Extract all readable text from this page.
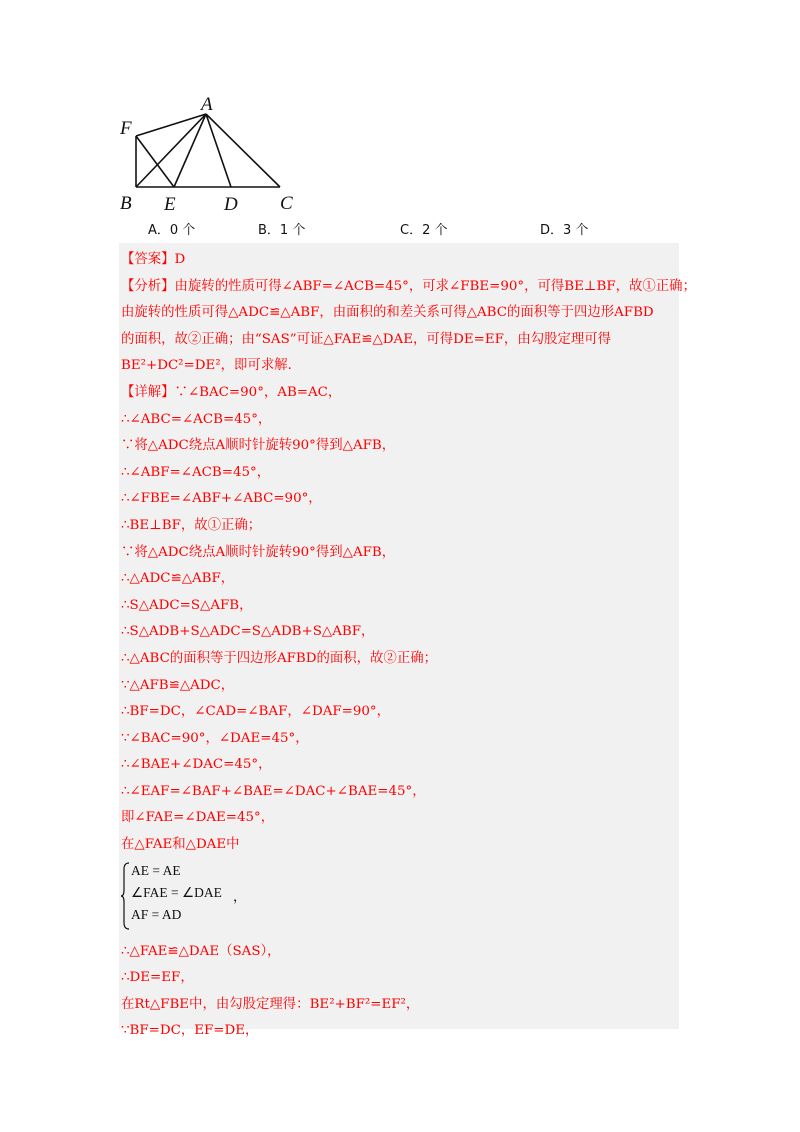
A
F
B E	D C
A．0 个	B．1 个	C．2 个	D．3 个
【答案】D
【分析】由旋转的性质可得∠ABF=∠ACB=45°，可求∠FBE=90°，可得BE⊥BF，故①正确；
由旋转的性质可得△ADC≌△ABF，由面积的和差关系可得△ABC的面积等于四边形AFBD
的面积，故②正确；由“SAS”可证△FAE≌△DAE，可得DE=EF，由勾股定理可得
BE²+DC²=DE²，即可求解．
【详解】∵∠BAC=90°，AB=AC，
∴∠ABC=∠ACB=45°，
∵将△ADC绕点A顺时针旋转90°得到△AFB，
∴∠ABF=∠ACB=45°，
∴∠FBE=∠ABF+∠ABC=90°，
∴BE⊥BF，故①正确；
∵将△ADC绕点A顺时针旋转90°得到△AFB，
∴△ADC≌△ABF，
∴S△ADC=S△AFB，
∴S△ADB+S△ADC=S△ADB+S△ABF，
∴△ABC的面积等于四边形AFBD的面积，故②正确；
∵△AFB≌△ADC，
∴BF=DC，∠CAD=∠BAF，∠DAF=90°，
∵∠BAC=90°，∠DAE=45°，
∴∠BAE+∠DAC=45°，
∴∠EAF=∠BAF+∠BAE=∠DAC+∠BAE=45°，
即∠FAE=∠DAE=45°，
在△FAE和△DAE中
AE = AE
∠FAE = ∠DAE
AF = AD
，
∴△FAE≌△DAE（SAS），
∴DE=EF，
在Rt△FBE中，由勾股定理得：BE²+BF²=EF²，
∵BF=DC，EF=DE，
